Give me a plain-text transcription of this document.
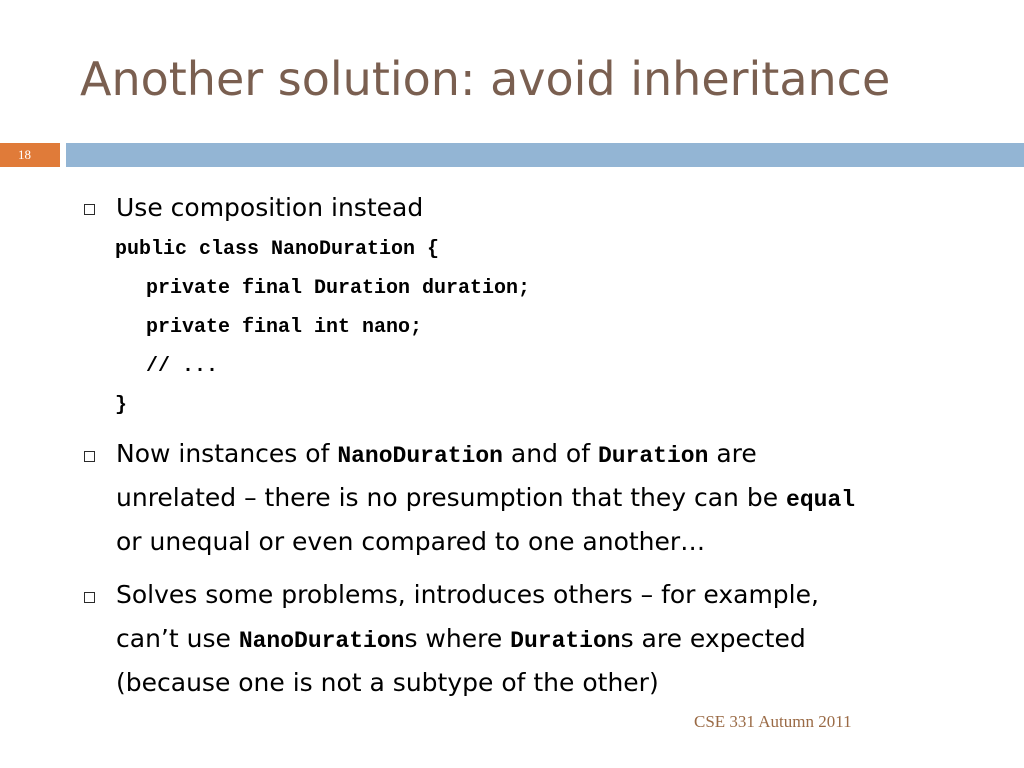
Another solution: avoid inheritance
18
Use composition instead
public class NanoDuration {
private final Duration duration;
private final int nano;
// ...
}
Now instances of NanoDuration and of Duration are
unrelated – there is no presumption that they can be equal
or unequal or even compared to one another…
Solves some problems, introduces others – for example,
can’t use NanoDurations where Durations are expected
(because one is not a subtype of the other)
CSE 331 Autumn 2011
